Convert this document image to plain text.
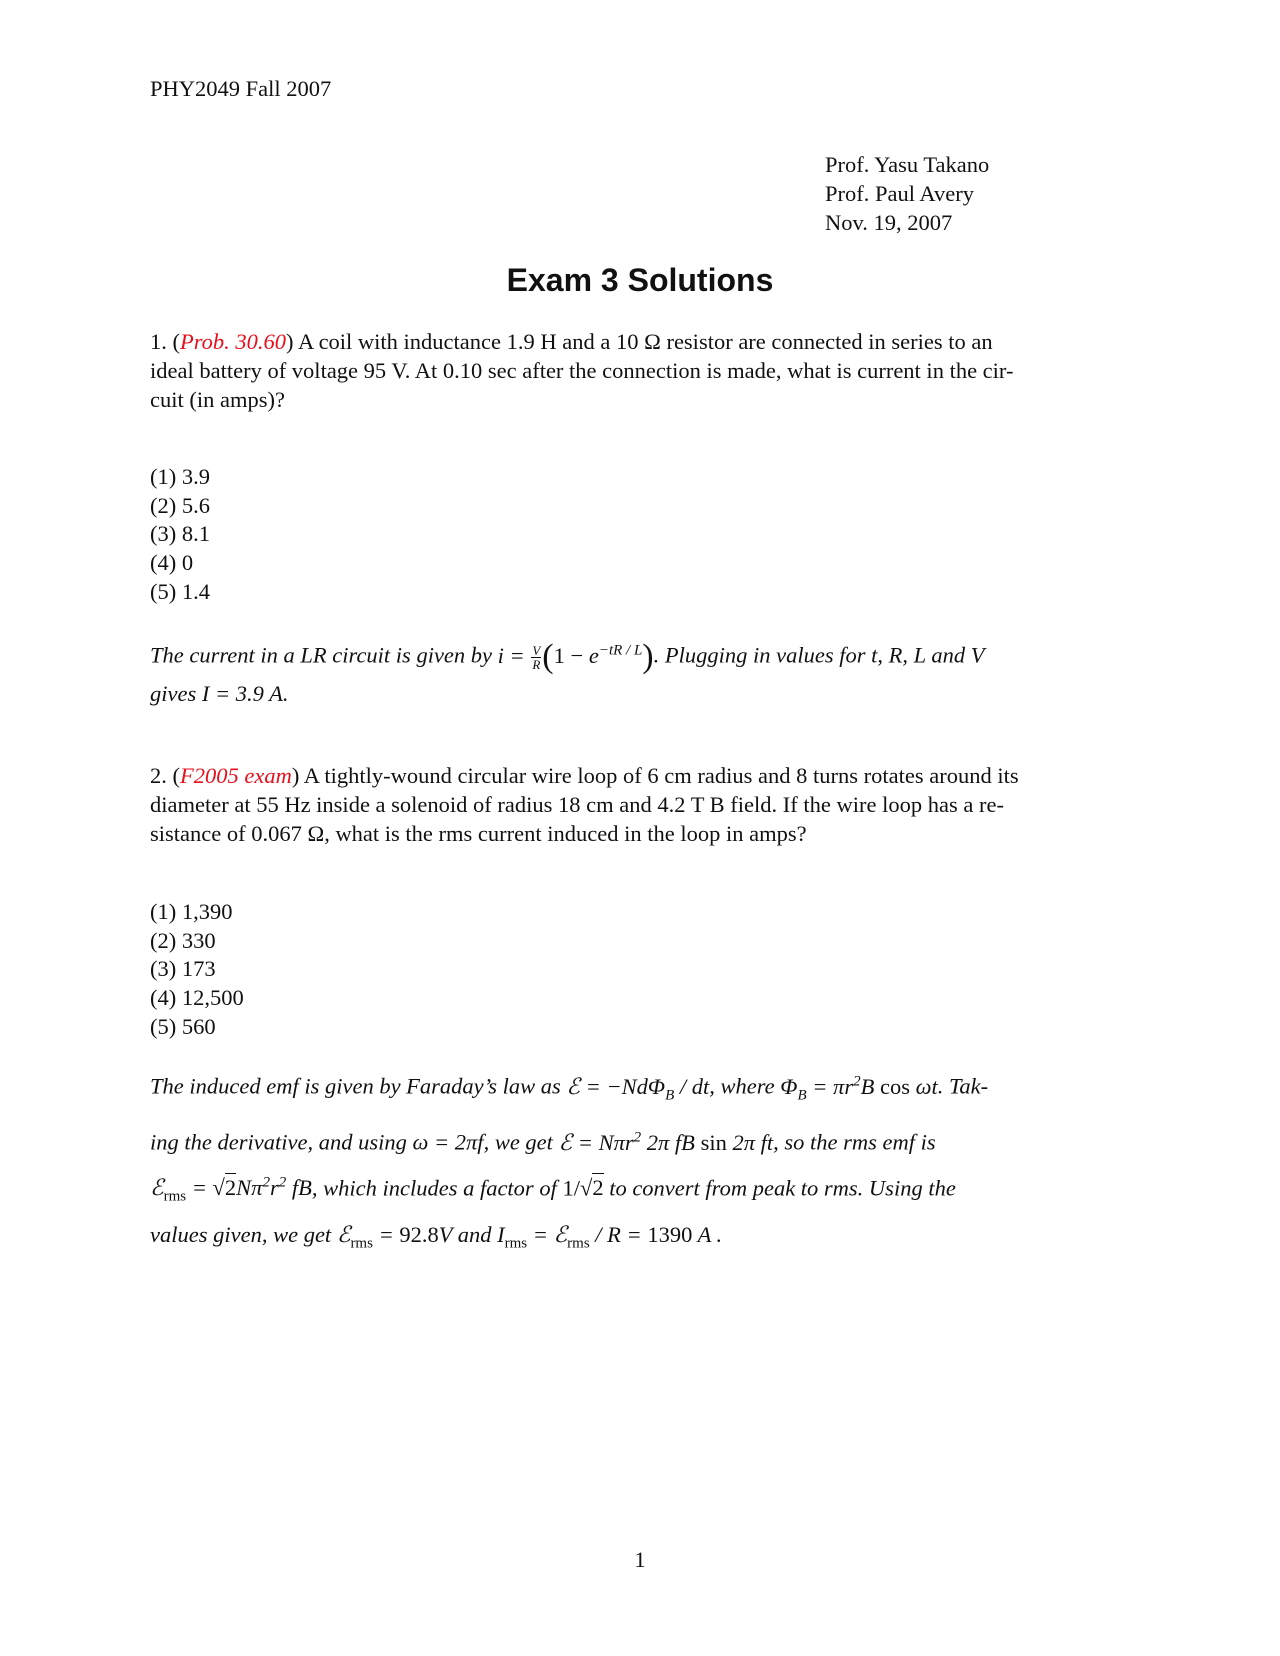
PHY2049 Fall 2007
Prof. Yasu Takano
Prof. Paul Avery
Nov. 19, 2007
Exam 3 Solutions
1. (Prob. 30.60) A coil with inductance 1.9 H and a 10 Ω resistor are connected in series to an
ideal battery of voltage 95 V. At 0.10 sec after the connection is made, what is current in the cir-
cuit (in amps)?
(1) 3.9
(2) 5.6
(3) 8.1
(4) 0
(5) 1.4
The current in a LR circuit is given by $i = \frac{V}{R} (1 - e^{-tR / L})$. Plugging in values for t, R, L and V
gives I = 3.9 A.
2. (F2005 exam) A tightly-wound circular wire loop of 6 cm radius and 8 turns rotates around its
diameter at 55 Hz inside a solenoid of radius 18 cm and 4.2 T B field. If the wire loop has a re-
sistance of 0.067 Ω, what is the rms current induced in the loop in amps?
(1) 1,390
(2) 330
(3) 173
(4) 12,500
(5) 560
The induced emf is given by Faraday’s law as ℰ = −NdΦ$_B$ / dt, where $\Phi_B = \pi r^2B$ cos ωt. Tak-
ing the derivative, and using ω = 2πf, we get ℰ = Nπr$^2$ 2π fB sin 2π ft, so the rms emf is
ℰ$_{rms}$ = $√2N\pi^2r^2$ fB, which includes a factor of 1/√2 to convert from peak to rms. Using the
values given, we get ℰ$_{rms}$ = 92.8V and $I_{rms}$ = ℰ$_{rms}$ / R = 1390 A .
1
